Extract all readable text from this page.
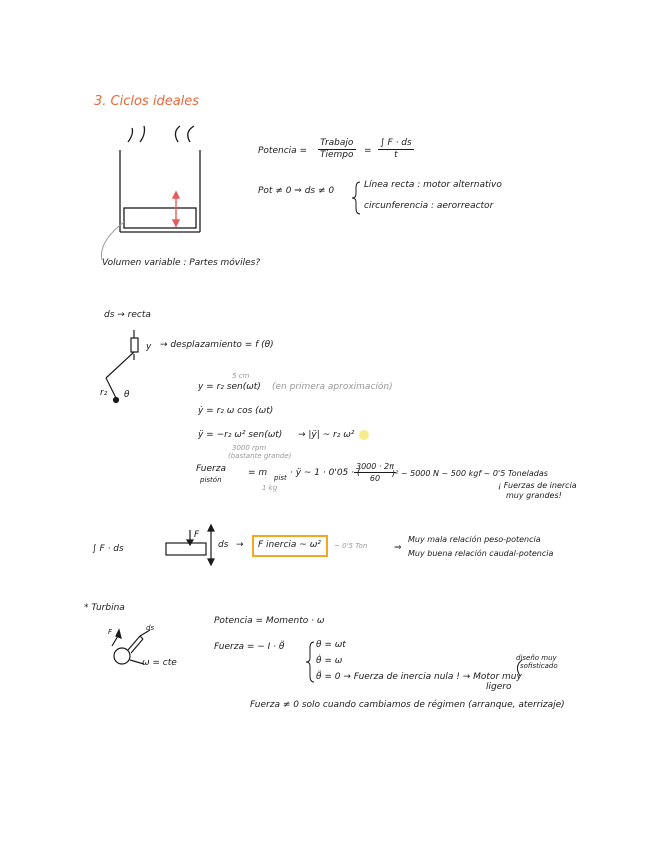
3. Ciclos ideales
Potencia =
Trabajo
Tiempo = $\frac{\int F \cdot ds}{t}$
Pot ≠ 0 ⇒ ds ≠ 0
Línea recta : motor alternativo
circunferencia : aerorreactor
Volumen variable : Partes móviles?
ds → recta
y → desplazamiento = f (θ)
r₂ θ
5 cm
y = r₂ sen(ωt) (en primera aproximación)
ẏ = r₂ ω cos (ωt)
ÿ = −r₂ ω² sen(ωt)
3000 rpm
(bastante grande)
→ |ÿ| ~ r₂ ω²
Fuerza
pistón
= m pist
1 kg
· ÿ ~ 1 · 0'05 · (
$\frac{3000 \cdot 2\pi}{60}$
)² ~ 5000 N ~ 500 kgf ~ 0'5 Toneladas
¡ Fuerzas de inercia
muy grandes!
∫ F · ds
F
ds → F inercia ~ ω² ~ 0'5 Ton	⇒
Muy mala relación peso-potencia
Muy buena relación caudal-potencia
* Turbina
F	ds
ω = cte
Potencia = Momento · ω
Fuerza = − I · θ̈	θ = ωt
θ̇ = ω
θ̈ = 0 → Fuerza de inercia nula ! → Motor muy
ligero
diseño muy
sofisticado
Fuerza ≠ 0 solo cuando cambiamos de régimen (arranque, aterrizaje)
